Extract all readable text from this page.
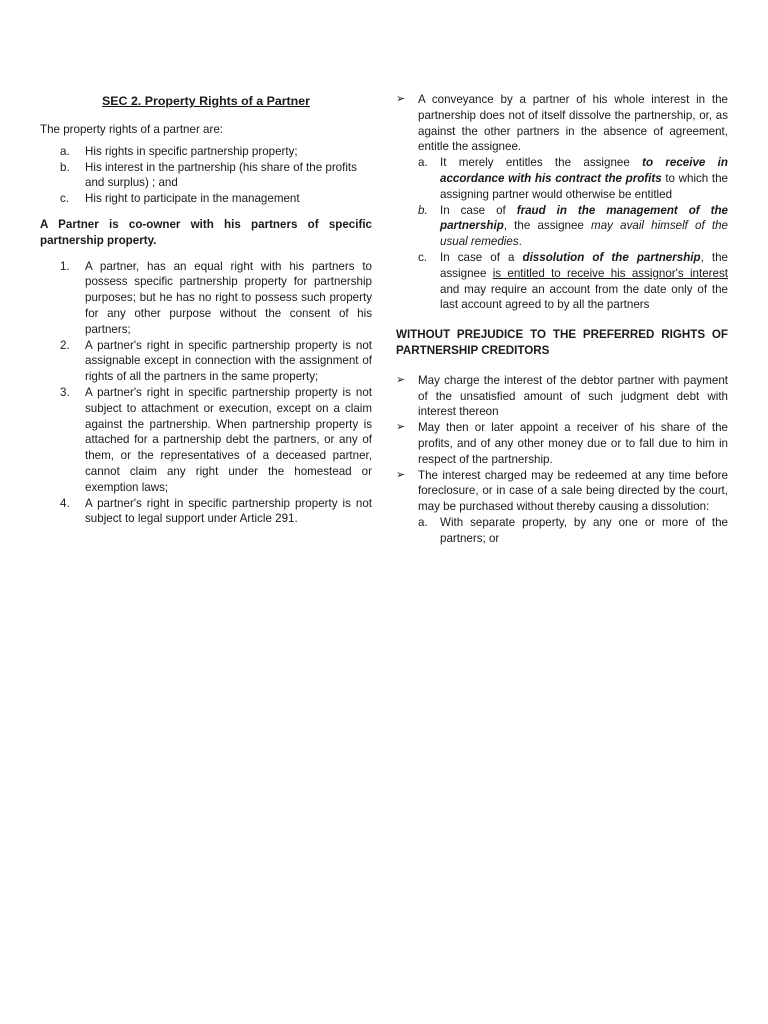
SEC 2. Property Rights of a Partner

The property rights of a partner are:

a. His rights in specific partnership property;
b. His interest in the partnership (his share of the profits and surplus) ; and
c. His right to participate in the management

A Partner is co-owner with his partners of specific partnership property.

1. A partner, has an equal right with his partners to possess specific partnership property for partnership purposes; but he has no right to possess such property for any other purpose without the consent of his partners;
2. A partner's right in specific partnership property is not assignable except in connection with the assignment of rights of all the partners in the same property;
3. A partner's right in specific partnership property is not subject to attachment or execution, except on a claim against the partnership. When partnership property is attached for a partnership debt the partners, or any of them, or the representatives of a deceased partner, cannot claim any right under the homestead or exemption laws;
4. A partner's right in specific partnership property is not subject to legal support under Article 291.
➢ A conveyance by a partner of his whole interest in the partnership does not of itself dissolve the partnership, or, as against the other partners in the absence of agreement, entitle the assignee.
a. It merely entitles the assignee to receive in accordance with his contract the profits to which the assigning partner would otherwise be entitled
b. In case of fraud in the management of the partnership, the assignee may avail himself of the usual remedies.
c. In case of a dissolution of the partnership, the assignee is entitled to receive his assignor's interest and may require an account from the date only of the last account agreed to by all the partners

WITHOUT PREJUDICE TO THE PREFERRED RIGHTS OF PARTNERSHIP CREDITORS

➢ May charge the interest of the debtor partner with payment of the unsatisfied amount of such judgment debt with interest thereon
➢ May then or later appoint a receiver of his share of the profits, and of any other money due or to fall due to him in respect of the partnership.
➢ The interest charged may be redeemed at any time before foreclosure, or in case of a sale being directed by the court, may be purchased without thereby causing a dissolution:
a. With separate property, by any one or more of the partners; or
